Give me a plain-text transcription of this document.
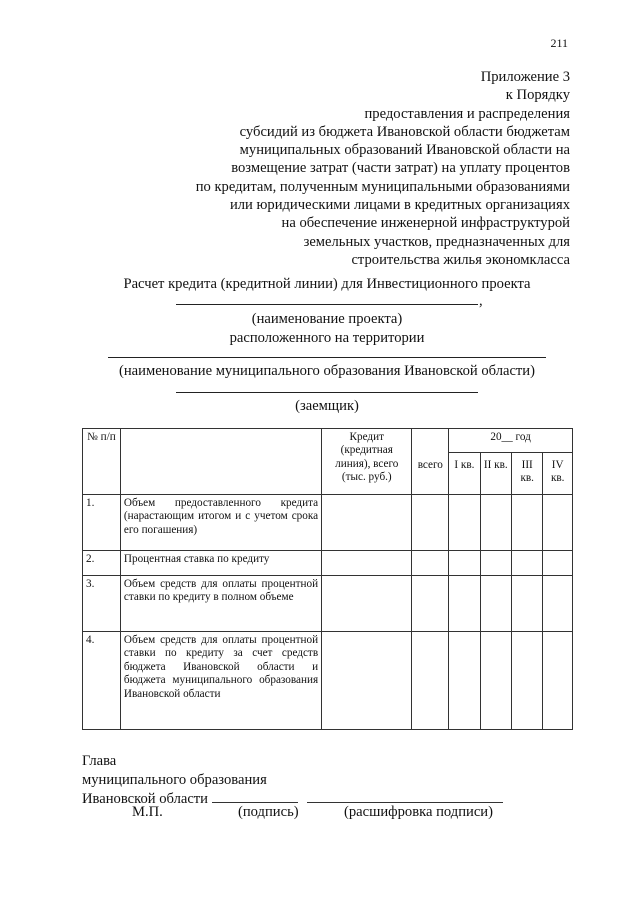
211
Приложение 3
к Порядку
предоставления и распределения
субсидий из бюджета Ивановской области бюджетам
муниципальных образований Ивановской области на
возмещение затрат (части затрат) на уплату процентов
по кредитам, полученным муниципальными образованиями
или юридическими лицами в кредитных организациях
на обеспечение инженерной инфраструктурой
земельных участков, предназначенных для
строительства жилья экономкласса
Расчет кредита (кредитной линии) для Инвестиционного проекта
,
(наименование проекта)
расположенного на территории
(наименование муниципального образования Ивановской области)
(заемщик)
№ п/п		Кредит (кредитная линия), всего (тыс. руб.)	всего	20__ год			
				I кв.	II кв.	III кв.	IV кв.
1.	Объем предоставленного кредита (нарастающим итогом и с учетом срока его погашения)						
2.	Процентная ставка по кредиту						
3.	Объем средств для оплаты процентной ставки по кредиту в полном объеме						
4.	Объем средств для оплаты процентной ставки по кредиту за счет средств бюджета Ивановской области и бюджета муниципального образования Ивановской области						
Глава
муниципального образования
Ивановской области
М.П.	(подпись)	(расшифровка подписи)
